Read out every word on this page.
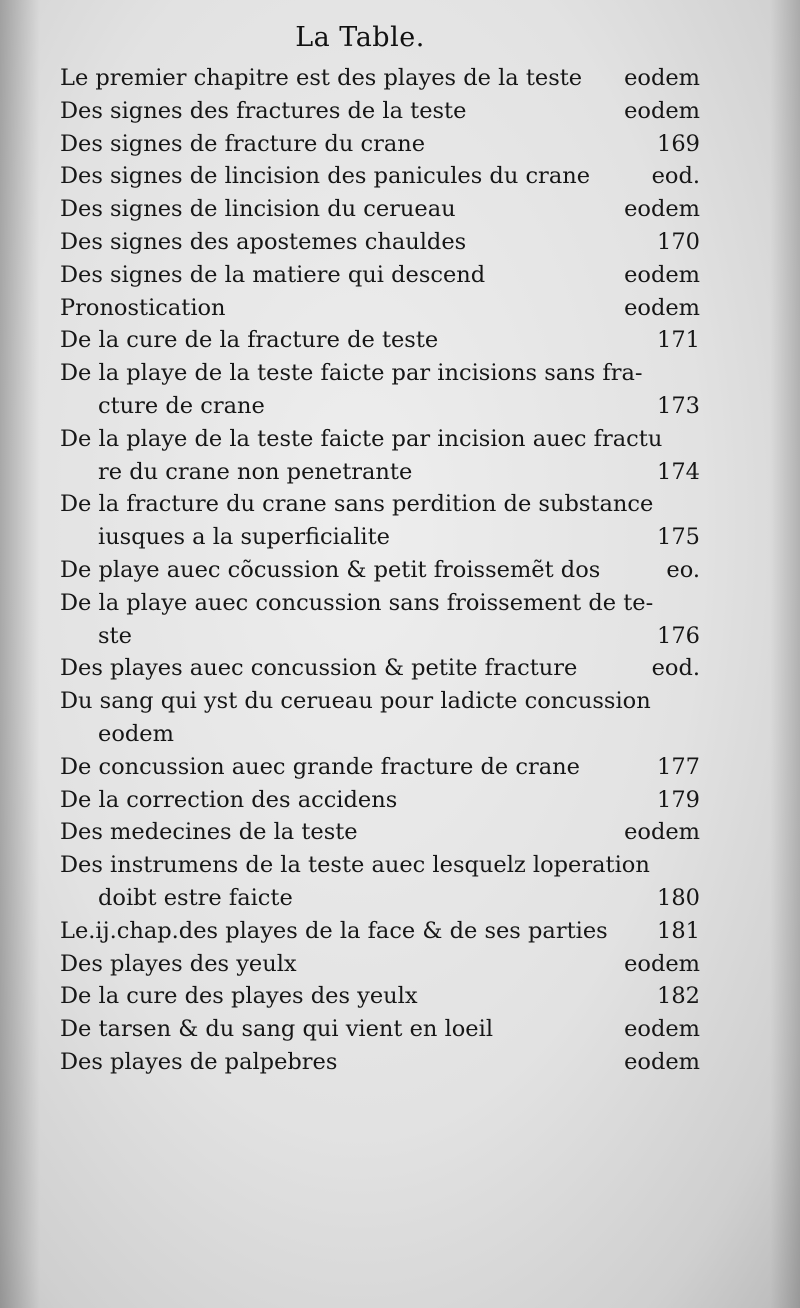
La Table.
Le premier chapitre est des playes de la teste eodem
Des signes des fractures de la teste	eodem
Des signes de fracture du crane	169
Des signes de lincision des panicules du crane	eod.
Des signes de lincision du cerueau	eodem
Des signes des apostemes chauldes	170
Des signes de la matiere qui descend	eodem
Pronostication	eodem
De la cure de la fracture de teste	171
De la playe de la teste faicte par incisions sans fra-
cture de crane	173
De la playe de la teste faicte par incision auec fractu
re du crane non penetrante	174
De la fracture du crane sans perdition de substance
iusques a la superficialite	175
De playe auec cõcussion & petit froissemẽt dos	eo.
De la playe auec concussion sans froissement de te-
ste	176
Des playes auec concussion & petite fracture	eod.
Du sang qui yst du cerueau pour ladicte concussion
eodem
De concussion auec grande fracture de crane	177
De la correction des accidens	179
Des medecines de la teste	eodem
Des instrumens de la teste auec lesquelz loperation
doibt estre faicte	180
Le.ij.chap.des playes de la face & de ses parties 181
Des playes des yeulx	eodem
De la cure des playes des yeulx	182
De tarsen & du sang qui vient en loeil	eodem
Des playes de palpebres	eodem
